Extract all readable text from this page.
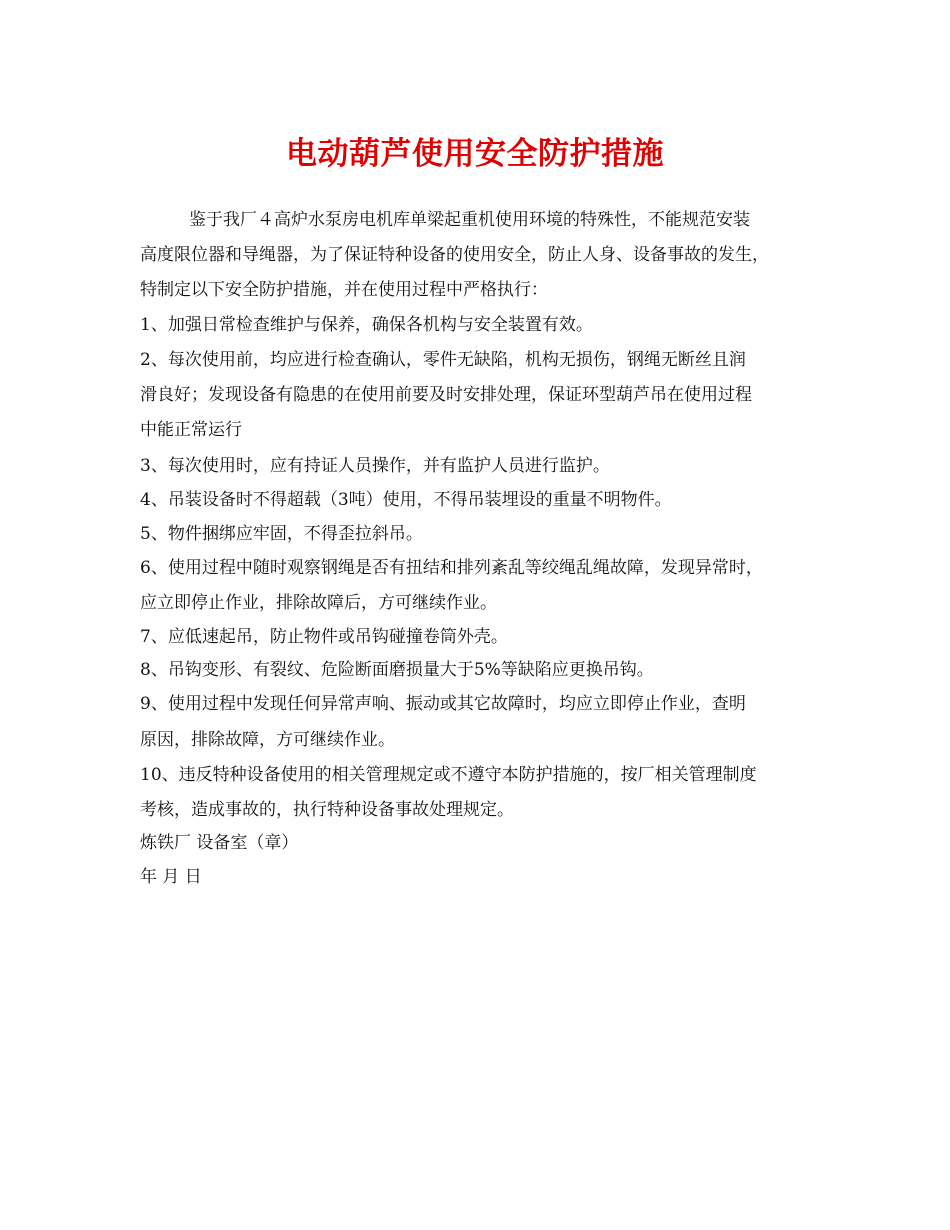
电动葫芦使用安全防护措施
鉴于我厂４高炉水泵房电机库单梁起重机使用环境的特殊性，不能规范安装
高度限位器和导绳器，为了保证特种设备的使用安全，防止人身、设备事故的发生，
特制定以下安全防护措施，并在使用过程中严格执行：
1、加强日常检查维护与保养，确保各机构与安全装置有效。
2、每次使用前，均应进行检查确认，零件无缺陷，机构无损伤，钢绳无断丝且润
滑良好；发现设备有隐患的在使用前要及时安排处理，保证环型葫芦吊在使用过程
中能正常运行
3、每次使用时，应有持证人员操作，并有监护人员进行监护。
4、吊装设备时不得超载（3吨）使用，不得吊装埋设的重量不明物件。
5、物件捆绑应牢固，不得歪拉斜吊。
6、使用过程中随时观察钢绳是否有扭结和排列紊乱等绞绳乱绳故障，发现异常时，
应立即停止作业，排除故障后，方可继续作业。
7、应低速起吊，防止物件或吊钩碰撞卷筒外壳。
8、吊钩变形、有裂纹、危险断面磨损量大于5%等缺陷应更换吊钩。
9、使用过程中发现任何异常声响、振动或其它故障时，均应立即停止作业，查明
原因，排除故障，方可继续作业。
10、违反特种设备使用的相关管理规定或不遵守本防护措施的，按厂相关管理制度
考核，造成事故的，执行特种设备事故处理规定。
炼铁厂 设备室（章）
年 月 日
